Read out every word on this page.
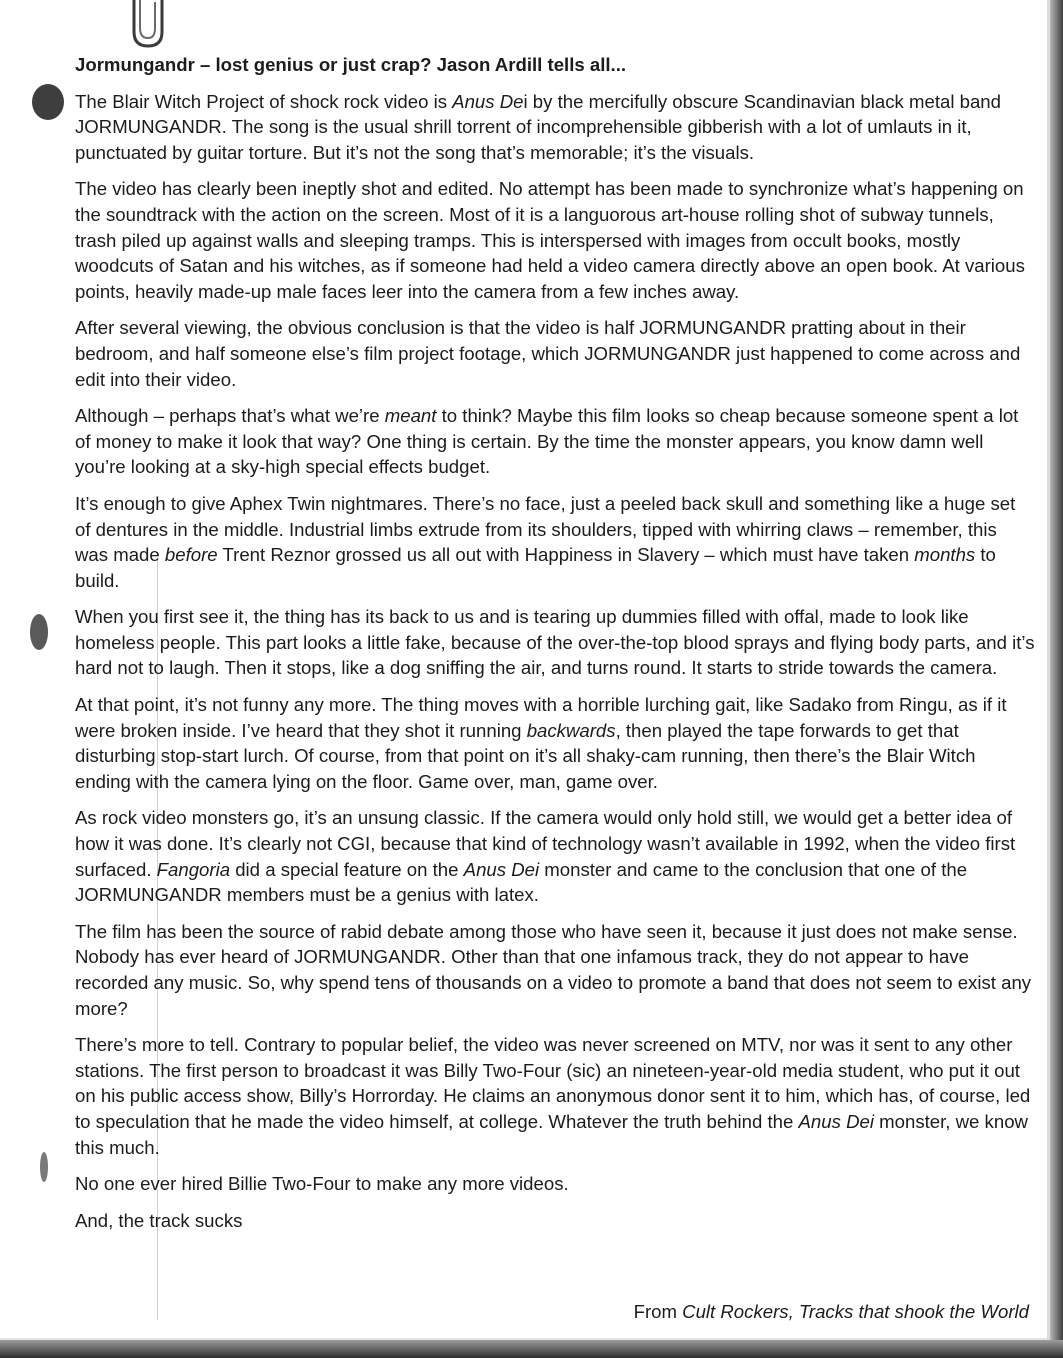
Jormungandr – lost genius or just crap? Jason Ardill tells all...

The Blair Witch Project of shock rock video is Anus Dei by the mercifully obscure Scandinavian black metal band JORMUNGANDR. The song is the usual shrill torrent of incomprehensible gibberish with a lot of umlauts in it, punctuated by guitar torture. But it’s not the song that’s memorable; it’s the visuals.

The video has clearly been ineptly shot and edited. No attempt has been made to synchronize what’s happening on the soundtrack with the action on the screen. Most of it is a languorous art-house rolling shot of subway tunnels, trash piled up against walls and sleeping tramps. This is interspersed with images from occult books, mostly woodcuts of Satan and his witches, as if someone had held a video camera directly above an open book. At various points, heavily made-up male faces leer into the camera from a few inches away.

After several viewing, the obvious conclusion is that the video is half JORMUNGANDR pratting about in their bedroom, and half someone else’s film project footage, which JORMUNGANDR just happened to come across and edit into their video.

Although – perhaps that’s what we’re meant to think? Maybe this film looks so cheap because someone spent a lot of money to make it look that way? One thing is certain. By the time the monster appears, you know damn well you’re looking at a sky-high special effects budget.

It’s enough to give Aphex Twin nightmares. There’s no face, just a peeled back skull and something like a huge set of dentures in the middle. Industrial limbs extrude from its shoulders, tipped with whirring claws – remember, this was made before Trent Reznor grossed us all out with Happiness in Slavery – which must have taken months to build.

When you first see it, the thing has its back to us and is tearing up dummies filled with offal, made to look like homeless people. This part looks a little fake, because of the over-the-top blood sprays and flying body parts, and it’s hard not to laugh. Then it stops, like a dog sniffing the air, and turns round. It starts to stride towards the camera.

At that point, it’s not funny any more. The thing moves with a horrible lurching gait, like Sadako from Ringu, as if it were broken inside. I’ve heard that they shot it running backwards, then played the tape forwards to get that disturbing stop-start lurch. Of course, from that point on it’s all shaky-cam running, then there’s the Blair Witch ending with the camera lying on the floor. Game over, man, game over.

As rock video monsters go, it’s an unsung classic. If the camera would only hold still, we would get a better idea of how it was done. It’s clearly not CGI, because that kind of technology wasn’t available in 1992, when the video first surfaced. Fangoria did a special feature on the Anus Dei monster and came to the conclusion that one of the JORMUNGANDR members must be a genius with latex.

The film has been the source of rabid debate among those who have seen it, because it just does not make sense. Nobody has ever heard of JORMUNGANDR. Other than that one infamous track, they do not appear to have recorded any music. So, why spend tens of thousands on a video to promote a band that does not seem to exist any more?

There’s more to tell. Contrary to popular belief, the video was never screened on MTV, nor was it sent to any other stations. The first person to broadcast it was Billy Two-Four (sic) an nineteen-year-old media student, who put it out on his public access show, Billy’s Horrorday. He claims an anonymous donor sent it to him, which has, of course, led to speculation that he made the video himself, at college. Whatever the truth behind the Anus Dei monster, we know this much.

No one ever hired Billie Two-Four to make any more videos.

And, the track sucks

From Cult Rockers, Tracks that shook the World
